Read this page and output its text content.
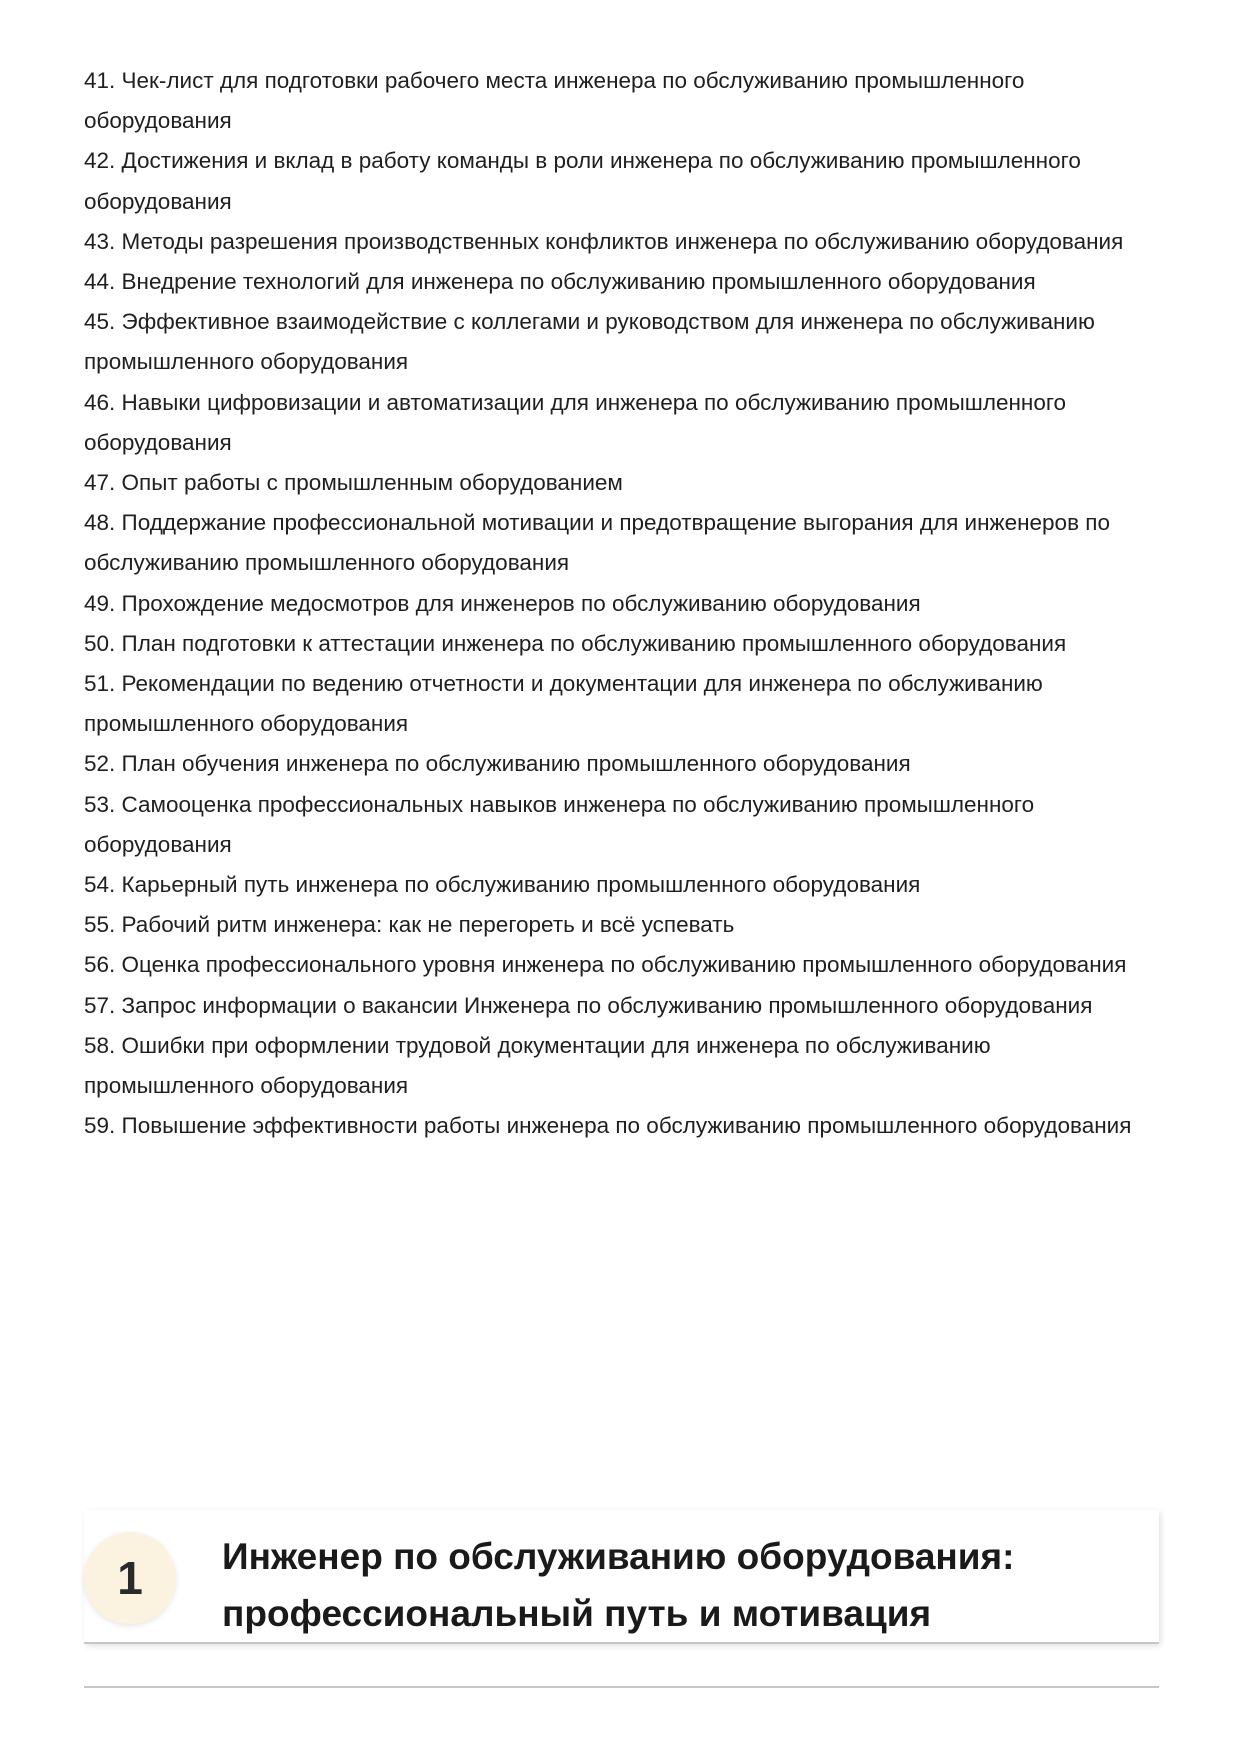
41. Чек-лист для подготовки рабочего места инженера по обслуживанию промышленного оборудования
42. Достижения и вклад в работу команды в роли инженера по обслуживанию промышленного оборудования
43. Методы разрешения производственных конфликтов инженера по обслуживанию оборудования
44. Внедрение технологий для инженера по обслуживанию промышленного оборудования
45. Эффективное взаимодействие с коллегами и руководством для инженера по обслуживанию промышленного оборудования
46. Навыки цифровизации и автоматизации для инженера по обслуживанию промышленного оборудования
47. Опыт работы с промышленным оборудованием
48. Поддержание профессиональной мотивации и предотвращение выгорания для инженеров по обслуживанию промышленного оборудования
49. Прохождение медосмотров для инженеров по обслуживанию оборудования
50. План подготовки к аттестации инженера по обслуживанию промышленного оборудования
51. Рекомендации по ведению отчетности и документации для инженера по обслуживанию промышленного оборудования
52. План обучения инженера по обслуживанию промышленного оборудования
53. Самооценка профессиональных навыков инженера по обслуживанию промышленного оборудования
54. Карьерный путь инженера по обслуживанию промышленного оборудования
55. Рабочий ритм инженера: как не перегореть и всё успевать
56. Оценка профессионального уровня инженера по обслуживанию промышленного оборудования
57. Запрос информации о вакансии Инженера по обслуживанию промышленного оборудования
58. Ошибки при оформлении трудовой документации для инженера по обслуживанию промышленного оборудования
59. Повышение эффективности работы инженера по обслуживанию промышленного оборудования
1	Инженер по обслуживанию оборудования: профессиональный путь и мотивация
